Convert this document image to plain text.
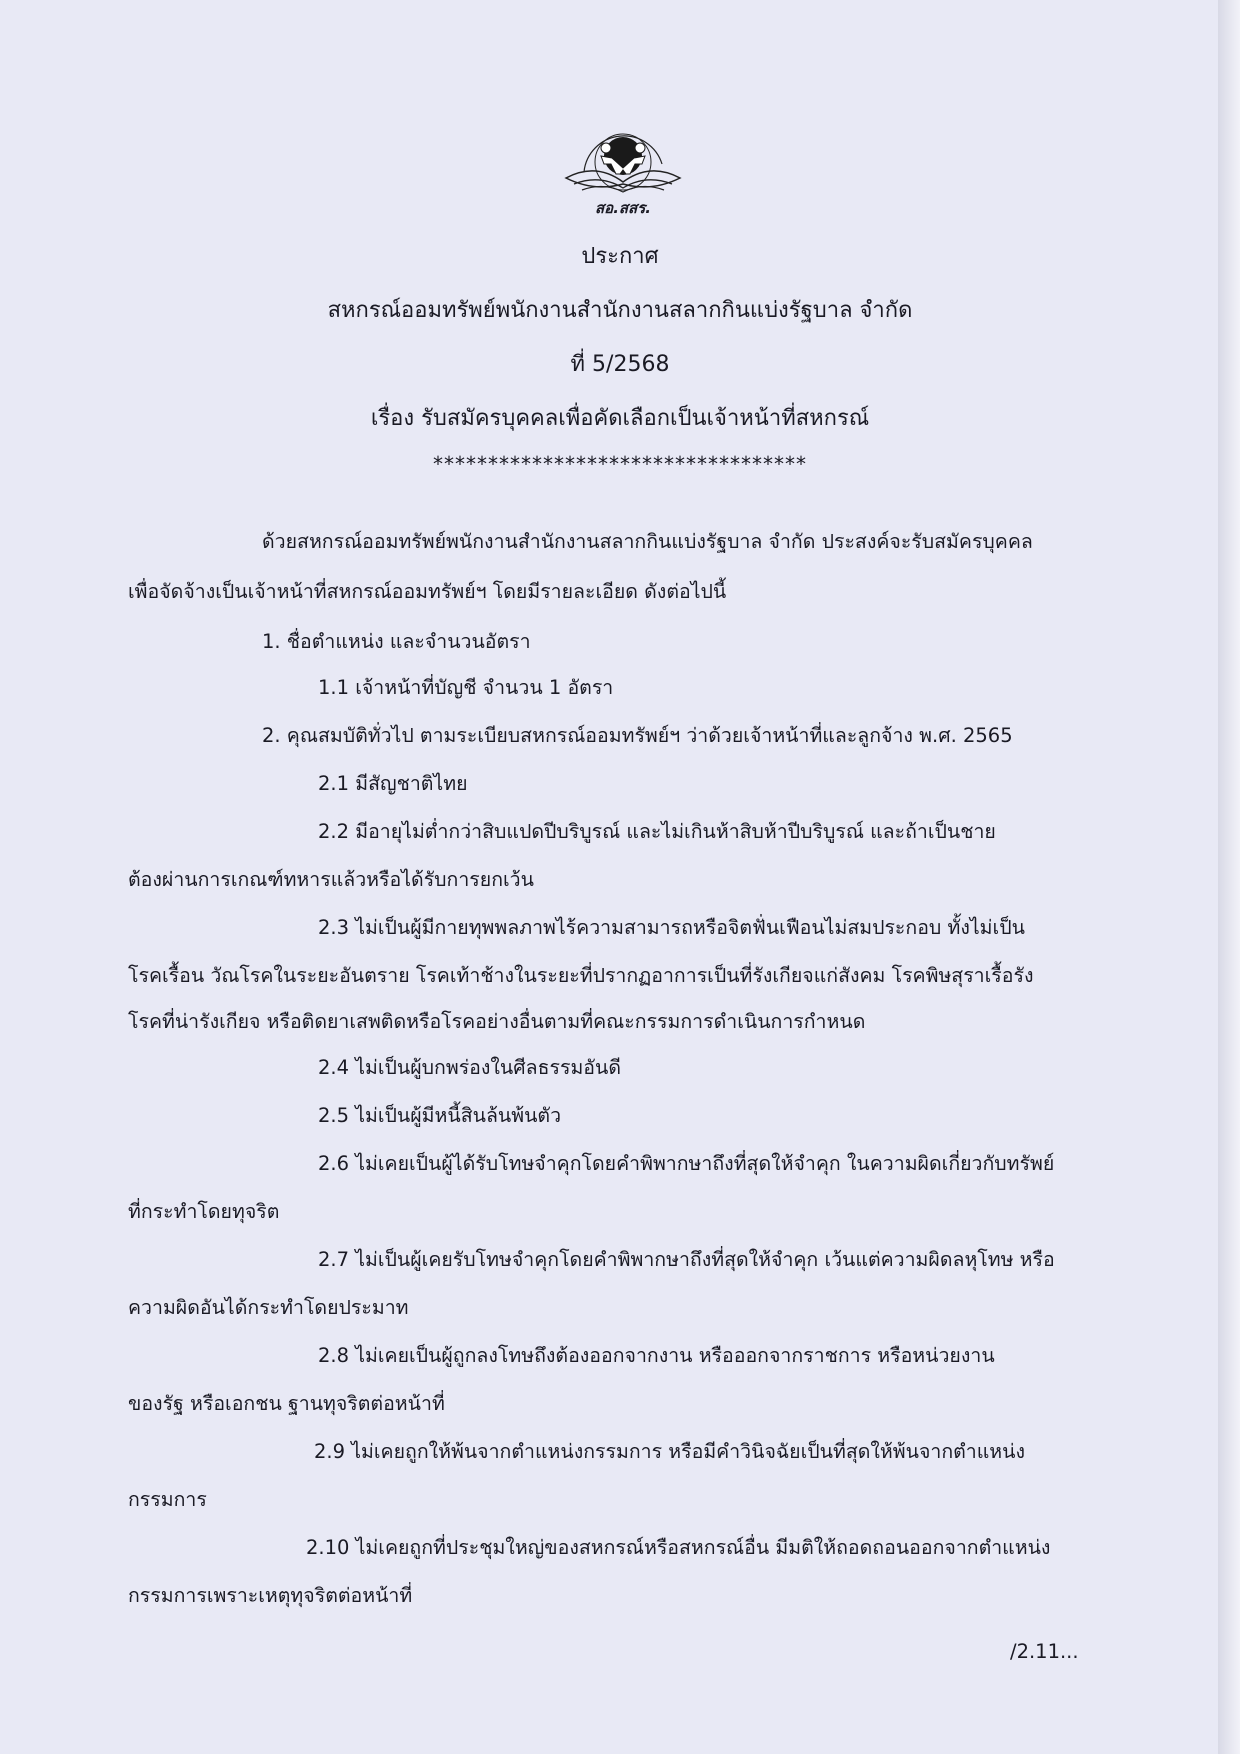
สอ.สสร.
ประกาศ
สหกรณ์ออมทรัพย์พนักงานสำนักงานสลากกินแบ่งรัฐบาล จำกัด
ที่ 5/2568
เรื่อง รับสมัครบุคคลเพื่อคัดเลือกเป็นเจ้าหน้าที่สหกรณ์
**********************************
ด้วยสหกรณ์ออมทรัพย์พนักงานสำนักงานสลากกินแบ่งรัฐบาล จำกัด ประสงค์จะรับสมัครบุคคล
เพื่อจัดจ้างเป็นเจ้าหน้าที่สหกรณ์ออมทรัพย์ฯ โดยมีรายละเอียด ดังต่อไปนี้
1. ชื่อตำแหน่ง และจำนวนอัตรา
1.1 เจ้าหน้าที่บัญชี จำนวน 1 อัตรา
2. คุณสมบัติทั่วไป ตามระเบียบสหกรณ์ออมทรัพย์ฯ ว่าด้วยเจ้าหน้าที่และลูกจ้าง พ.ศ. 2565
2.1 มีสัญชาติไทย
2.2 มีอายุไม่ต่ำกว่าสิบแปดปีบริบูรณ์ และไม่เกินห้าสิบห้าปีบริบูรณ์ และถ้าเป็นชาย
ต้องผ่านการเกณฑ์ทหารแล้วหรือได้รับการยกเว้น
2.3 ไม่เป็นผู้มีกายทุพพลภาพไร้ความสามารถหรือจิตฟั่นเฟือนไม่สมประกอบ ทั้งไม่เป็น
โรคเรื้อน วัณโรคในระยะอันตราย โรคเท้าช้างในระยะที่ปรากฏอาการเป็นที่รังเกียจแก่สังคม โรคพิษสุราเรื้อรัง
โรคที่น่ารังเกียจ หรือติดยาเสพติดหรือโรคอย่างอื่นตามที่คณะกรรมการดำเนินการกำหนด
2.4 ไม่เป็นผู้บกพร่องในศีลธรรมอันดี
2.5 ไม่เป็นผู้มีหนี้สินล้นพ้นตัว
2.6 ไม่เคยเป็นผู้ได้รับโทษจำคุกโดยคำพิพากษาถึงที่สุดให้จำคุก ในความผิดเกี่ยวกับทรัพย์
ที่กระทำโดยทุจริต
2.7 ไม่เป็นผู้เคยรับโทษจำคุกโดยคำพิพากษาถึงที่สุดให้จำคุก เว้นแต่ความผิดลหุโทษ หรือ
ความผิดอันได้กระทำโดยประมาท
2.8 ไม่เคยเป็นผู้ถูกลงโทษถึงต้องออกจากงาน หรือออกจากราชการ หรือหน่วยงาน
ของรัฐ หรือเอกชน ฐานทุจริตต่อหน้าที่
2.9 ไม่เคยถูกให้พ้นจากตำแหน่งกรรมการ หรือมีคำวินิจฉัยเป็นที่สุดให้พ้นจากตำแหน่ง
กรรมการ
2.10 ไม่เคยถูกที่ประชุมใหญ่ของสหกรณ์หรือสหกรณ์อื่น มีมติให้ถอดถอนออกจากตำแหน่ง
กรรมการเพราะเหตุทุจริตต่อหน้าที่
/2.11...
